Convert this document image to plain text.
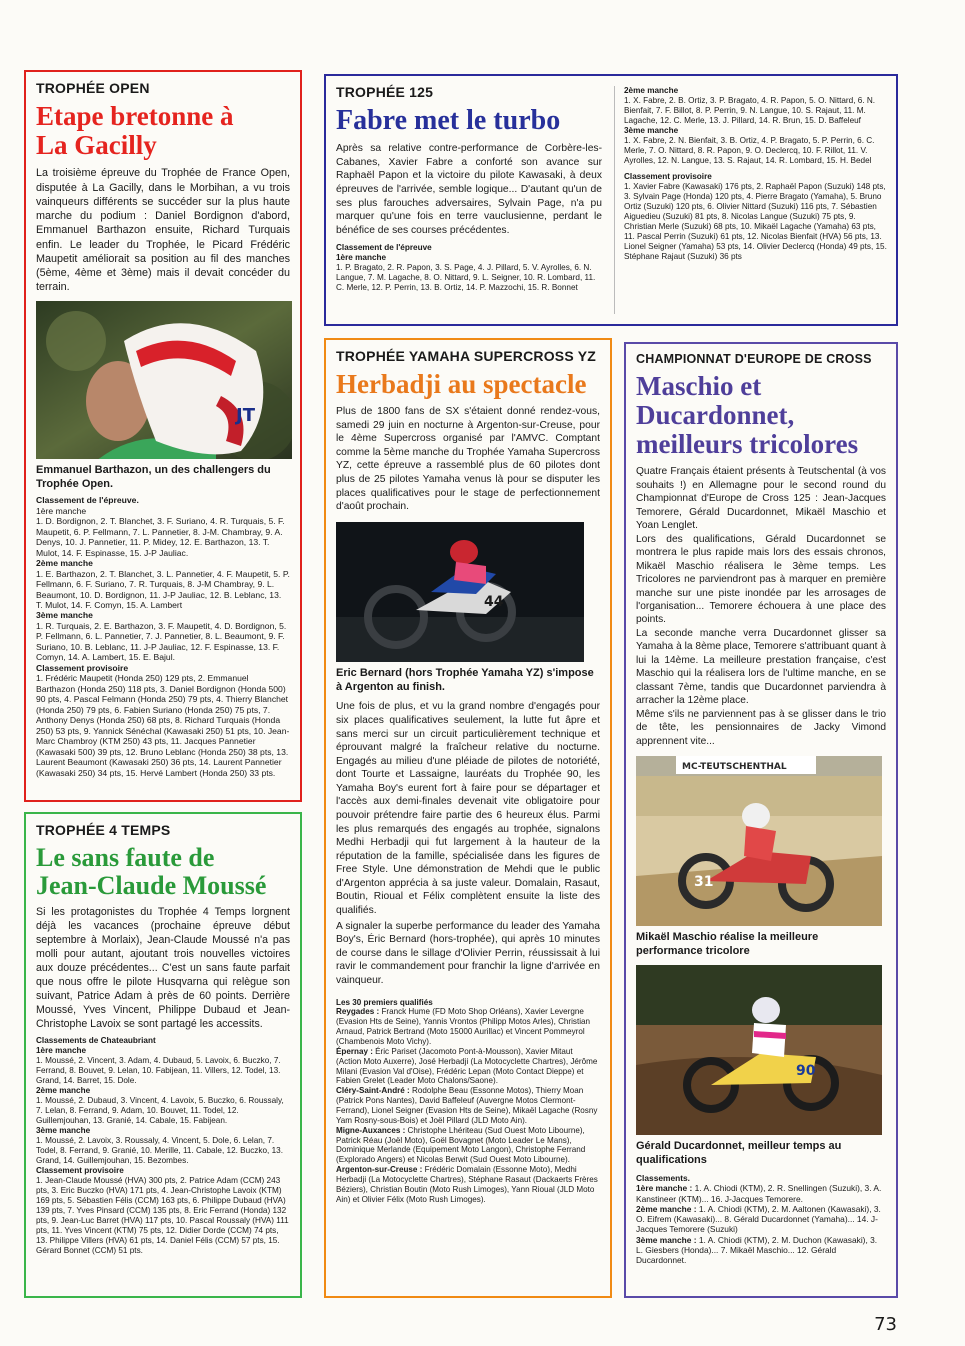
TROPHÉE OPEN
Etape bretonne à
La Gacilly

La troisième épreuve du Trophée de France Open, disputée à La Gacilly, dans le Morbihan, a vu trois vainqueurs différents se succéder sur la plus haute marche du podium : Daniel Bordignon d'abord, Emmanuel Barthazon ensuite, Richard Turquais enfin. Le leader du Trophée, le Picard Frédéric Maupetit améliorait sa position au fil des manches (5ème, 4ème et 3ème) mais il devait concéder du terrain.

JT
Emmanuel Barthazon, un des challengers du Trophée Open.

Classement de l'épreuve.

1ère manche

1. D. Bordignon, 2. T. Blanchet, 3. F. Suriano, 4. R. Turquais, 5. F. Maupetit, 6. P. Fellmann, 7. L. Pannetier, 8. J-M. Chambray, 9. A. Denys, 10. J. Pannetier, 11. P. Midey, 12. E. Barthazon, 13. T. Mulot, 14. F. Espinasse, 15. J-P Jauliac.

2ème manche

1. E. Barthazon, 2. T. Blanchet, 3. L. Pannetier, 4. F. Maupetit, 5. P. Fellmann, 6. F. Suriano, 7. R. Turquais, 8. J-M Chambray, 9. L. Beaumont, 10. D. Bordignon, 11. J-P Jauliac, 12. B. Leblanc, 13. T. Mulot, 14. F. Comyn, 15. A. Lambert

3ème manche

1. R. Turquais, 2. E. Barthazon, 3. F. Maupetit, 4. D. Bordignon, 5. P. Fellmann, 6. L. Pannetier, 7. J. Pannetier, 8. L. Beaumont, 9. F. Suriano, 10. B. Leblanc, 11. J-P Jauliac, 12. F. Espinasse, 13. F. Comyn, 14. A. Lambert, 15. E. Bajul.

Classement provisoire

1. Frédéric Maupetit (Honda 250) 129 pts, 2. Emmanuel Barthazon (Honda 250) 118 pts, 3. Daniel Bordignon (Honda 500) 90 pts, 4. Pascal Felmann (Honda 250) 79 pts, 4. Thierry Blanchet (Honda 250) 79 pts, 6. Fabien Suriano (Honda 250) 75 pts, 7. Anthony Denys (Honda 250) 68 pts, 8. Richard Turquais (Honda 250) 53 pts, 9. Yannick Sénéchal (Kawasaki 250) 51 pts, 10. Jean-Marc Chambroy (KTM 250) 43 pts, 11. Jacques Pannetier (Kawasaki 500) 39 pts, 12. Bruno Leblanc (Honda 250) 38 pts, 13. Laurent Beaumont (Kawasaki 250) 36 pts, 14. Laurent Pannetier (Kawasaki 250) 34 pts, 15. Hervé Lambert (Honda 250) 33 pts.

TROPHÉE 125
Fabre met le turbo

Après sa relative contre-performance de Corbère-les-Cabanes, Xavier Fabre a conforté son avance sur Raphaël Papon et la victoire du pilote Kawasaki, à deux épreuves de l'arrivée, semble logique... D'autant qu'un de ses plus farouches adversaires, Sylvain Page, n'a pu marquer qu'une fois en terre vauclusienne, perdant le bénéfice de ses courses précédentes.

Classement de l'épreuve

1ère manche

1. P. Bragato, 2. R. Papon, 3. S. Page, 4. J. Pillard, 5. V. Ayrolles, 6. N. Langue, 7. M. Lagache, 8. O. Nittard, 9. L. Seigner, 10. R. Lombard, 11. C. Merle, 12. P. Perrin, 13. B. Ortiz, 14. P. Mazzochi, 15. R. Bonnet

2ème manche

1. X. Fabre, 2. B. Ortiz, 3. P. Bragato, 4. R. Papon, 5. O. Nittard, 6. N. Bienfait, 7. F. Billot, 8. P. Perrin, 9. N. Langue, 10. S. Rajaut, 11. M. Lagache, 12. C. Merle, 13. J. Pillard, 14. R. Brun, 15. D. Baffeleuf

3ème manche

1. X. Fabre, 2. N. Bienfait, 3. B. Ortiz, 4. P. Bragato, 5. P. Perrin, 6. C. Merle, 7. O. Nittard, 8. R. Papon, 9. O. Declercq, 10. F. Rillot, 11. V. Ayrolles, 12. N. Langue, 13. S. Rajaut, 14. R. Lombard, 15. H. Bedel

Classement provisoire

1. Xavier Fabre (Kawasaki) 176 pts, 2. Raphaël Papon (Suzuki) 148 pts, 3. Sylvain Page (Honda) 120 pts, 4. Pierre Bragato (Yamaha), 5. Bruno Ortiz (Suzuki) 120 pts, 6. Olivier Nittard (Suzuki) 116 pts, 7. Sébastien Aiguedieu (Suzuki) 81 pts, 8. Nicolas Langue (Suzuki) 75 pts, 9. Christian Merle (Suzuki) 68 pts, 10. Mikaël Lagache (Yamaha) 63 pts, 11. Pascal Perrin (Suzuki) 61 pts, 12. Nicolas Bienfait (HVA) 56 pts, 13. Lionel Seigner (Yamaha) 53 pts, 14. Olivier Declercq (Honda) 49 pts, 15. Stéphane Rajaut (Suzuki) 36 pts

TROPHÉE YAMAHA SUPERCROSS YZ
Herbadji au spectacle

Plus de 1800 fans de SX s'étaient donné rendez-vous, samedi 29 juin en nocturne à Argenton-sur-Creuse, pour le 4ème Supercross organisé par l'AMVC. Comptant comme la 5ème manche du Trophée Yamaha Supercross YZ, cette épreuve a rassemblé plus de 60 pilotes dont plus de 25 pilotes Yamaha venus là pour se disputer les places qualificatives pour le stage de perfectionnement d'août prochain.

44
Eric Bernard (hors Trophée Yamaha YZ) s'impose à Argenton au finish.

Une fois de plus, et vu la grand nombre d'engagés pour six places qualificatives seulement, la lutte fut âpre et sans merci sur un circuit particulièrement technique et éprouvant malgré la fraîcheur relative du nocturne. Engagés au milieu d'une pléiade de pilotes de notoriété, dont Tourte et Lassaigne, lauréats du Trophée 90, les Yamaha Boy's eurent fort à faire pour se départager et l'accès aux demi-finales devenait vite obligatoire pour pouvoir prétendre faire partie des 6 heureux élus. Parmi les plus remarqués des engagés au trophée, signalons Medhi Herbadji qui fut largement à la hauteur de la réputation de la famille, spécialisée dans les figures de Free Style. Une démonstration de Mehdi que le public d'Argenton apprécia à sa juste valeur. Domalain, Rasaut, Boutin, Rioual et Félix complètent ensuite la liste des qualifiés.

A signaler la superbe performance du leader des Yamaha Boy's, Éric Bernard (hors-trophée), qui après 10 minutes de course dans le sillage d'Olivier Perrin, réussissait à lui ravir le commandement pour franchir la ligne d'arrivée en vainqueur.

Les 30 premiers qualifiés

Reygades : Franck Hume (FD Moto Shop Orléans), Xavier Levergne (Evasion Hts de Seine), Yannis Vrontos (Philipp Motos Arles), Christian Arnaud, Patrick Bertrand (Moto 15000 Aurillac) et Vincent Pommeyrol (Chambenois Moto Vichy).

Épernay : Éric Pariset (Jacomoto Pont-à-Mousson), Xavier Mitaut (Action Moto Auxerre), José Herbadji (La Motocyclette Chartres), Jérôme Milani (Evasion Val d'Oise), Frédéric Lepan (Moto Contact Dieppe) et Fabien Grelet (Leader Moto Chalons/Saone).

Cléry-Saint-André : Rodolphe Beau (Essonne Motos), Thierry Moan (Patrick Pons Nantes), David Baffeleuf (Auvergne Motos Clermont-Ferrand), Lionel Seigner (Evasion Hts de Seine), Mikaël Lagache (Rosny Yam Rosny-sous-Bois) et Joël Pillard (JLD Moto Ain).

Migne-Auxances : Christophe Lhériteau (Sud Ouest Moto Libourne), Patrick Réau (Joël Moto), Goël Bovagnet (Moto Leader Le Mans), Dominique Merlande (Equipement Moto Langon), Christophe Ferrand (Explorado Angers) et Nicolas Berwit (Sud Ouest Moto Libourne).

Argenton-sur-Creuse : Frédéric Domalain (Essonne Moto), Medhi Herbadji (La Motocyclette Chartres), Stéphane Rasaut (Dackaerts Frères Béziers), Christian Boutin (Moto Rush Limoges), Yann Rioual (JLD Moto Ain) et Olivier Félix (Moto Rush Limoges).

TROPHÉE 4 TEMPS
Le sans faute de
Jean-Claude Moussé

Si les protagonistes du Trophée 4 Temps lorgnent déjà les vacances (prochaine épreuve début septembre à Morlaix), Jean-Claude Moussé n'a pas molli pour autant, ajoutant trois nouvelles victoires aux douze précédentes... C'est un sans faute parfait que nous offre le pilote Husqvarna qui relègue son suivant, Patrice Adam à près de 60 points. Derrière Moussé, Yves Vincent, Philippe Dubaud et Jean-Christophe Lavoix se sont partagé les accessits.

Classements de Chateaubriant

1ère manche

1. Moussé, 2. Vincent, 3. Adam, 4. Dubaud, 5. Lavoix, 6. Buczko, 7. Ferrand, 8. Bouvet, 9. Lelan, 10. Fabijean, 11. Villers, 12. Todel, 13. Grand, 14. Barret, 15. Dole.

2ème manche

1. Moussé, 2. Dubaud, 3. Vincent, 4. Lavoix, 5. Buczko, 6. Roussaly, 7. Lelan, 8. Ferrand, 9. Adam, 10. Bouvet, 11. Todel, 12. Guillemjouhan, 13. Granié, 14. Cabale, 15. Fabijean.

3ème manche

1. Moussé, 2. Lavoix, 3. Roussaly, 4. Vincent, 5. Dole, 6. Lelan, 7. Todel, 8. Ferrand, 9. Granié, 10. Merille, 11. Cabale, 12. Buczko, 13. Grand, 14. Guillemjouhan, 15. Bezombes.

Classement provisoire

1. Jean-Claude Moussé (HVA) 300 pts, 2. Patrice Adam (CCM) 243 pts, 3. Eric Buczko (HVA) 171 pts, 4. Jean-Christophe Lavoix (KTM) 169 pts, 5. Sébastien Félis (CCM) 163 pts, 6. Philippe Dubaud (HVA) 139 pts, 7. Yves Pinsard (CCM) 135 pts, 8. Eric Ferrand (Honda) 132 pts, 9. Jean-Luc Barret (HVA) 117 pts, 10. Pascal Roussaly (HVA) 111 pts, 11. Yves Vincent (KTM) 75 pts, 12. Didier Dorde (CCM) 74 pts, 13. Philippe Villers (HVA) 61 pts, 14. Daniel Félis (CCM) 57 pts, 15. Gérard Bonnet (CCM) 51 pts.

CHAMPIONNAT D'EUROPE DE CROSS
Maschio et
Ducardonnet,
meilleurs tricolores

Quatre Français étaient présents à Teutschental (à vos souhaits !) en Allemagne pour le second round du Championnat d'Europe de Cross 125 : Jean-Jacques Temorere, Gérald Ducardonnet, Mikaël Maschio et Yoan Lenglet.

Lors des qualifications, Gérald Ducardonnet se montrera le plus rapide mais lors des essais chronos, Mikaël Maschio réalisera le 3ème temps. Les Tricolores ne parviendront pas à marquer en première manche sur une piste inondée par les arrosages de l'organisation... Temorere échouera à une place des points.

La seconde manche verra Ducardonnet glisser sa Yamaha à la 8ème place, Temorere s'attribuant quant à lui la 14ème. La meilleure prestation française, c'est Maschio qui la réalisera lors de l'ultime manche, en se classant 7ème, tandis que Ducardonnet parviendra à arracher la 12ème place.

Même s'ils ne parviennent pas à se glisser dans le trio de tête, les pensionnaires de Jacky Vimond apprennent vite...

MC-TEUTSCHENTHAL
31
Mikaël Maschio réalise la meilleure performance tricolore
90
Gérald Ducardonnet, meilleur temps au qualifications

Classements.

1ère manche : 1. A. Chiodi (KTM), 2. R. Snellingen (Suzuki), 3. A. Kanstineer (KTM)... 16. J-Jacques Temorere.

2ème manche : 1. A. Chiodi (KTM), 2. M. Aaltonen (Kawasaki), 3. O. Eifrem (Kawasaki)... 8. Gérald Ducardonnet (Yamaha)... 14. J-Jacques Temorere (Suzuki)

3ème manche : 1. A. Chiodi (KTM), 2. M. Duchon (Kawasaki), 3. L. Giesbers (Honda)... 7. Mikaël Maschio... 12. Gérald Ducardonnet.

73
